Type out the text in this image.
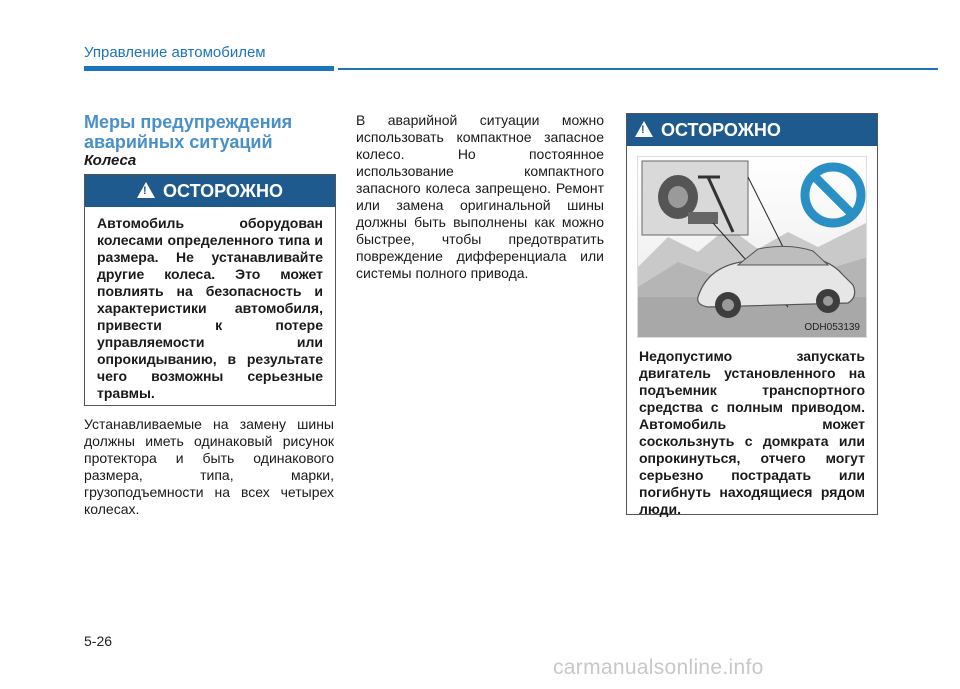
Управление автомобилем
Меры предупреждения аварийных ситуаций
Колеса
!
ОСТОРОЖНО
Автомобиль оборудован колесами определенного типа и размера. Не устанавливайте другие колеса. Это может повлиять на безопасность и характеристики автомобиля, привести к потере управляемости или опрокидыванию, в результате чего возможны серьезные травмы.
Устанавливаемые на замену шины должны иметь одинаковый рисунок протектора и быть одинакового размера, типа, марки, грузоподъемности на всех четырех колесах.
В аварийной ситуации можно использовать компактное запасное колесо. Но постоянное использование компактного запасного колеса запрещено. Ремонт или замена оригинальной шины должны быть выполнены как можно быстрее, чтобы предотвратить повреждение дифференциала или системы полного привода.
!
ОСТОРОЖНО
ODH053139
Недопустимо запускать двигатель установленного на подъемник транспортного средства с полным приводом. Автомобиль может соскользнуть с домкрата или опрокинуться, отчего могут серьезно пострадать или погибнуть находящиеся рядом люди.
5-26
carmanualsonline.info
